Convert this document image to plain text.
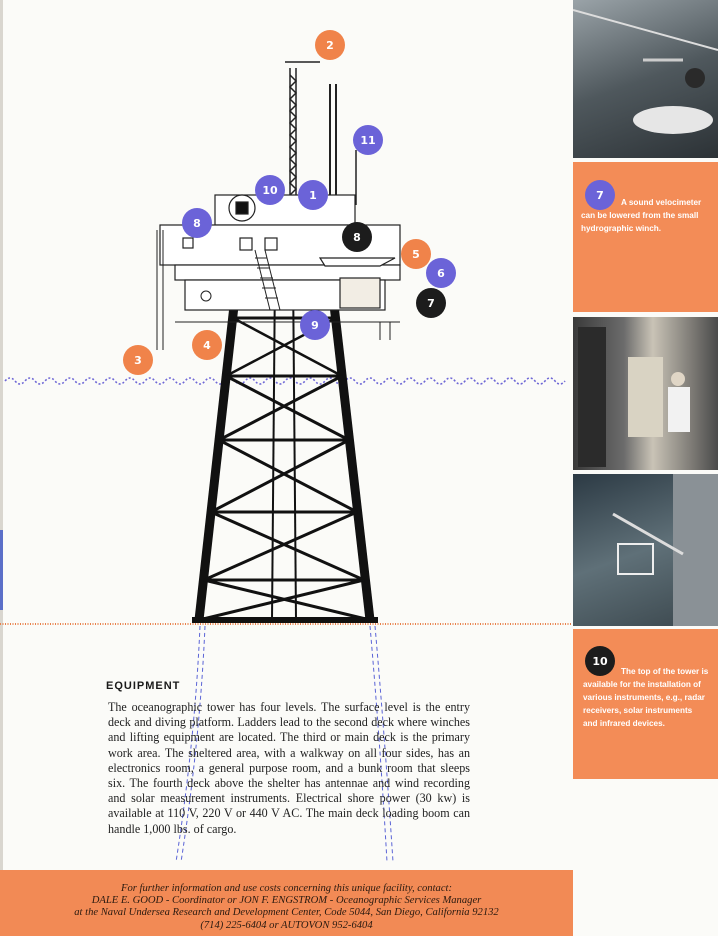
2
11
10	1
8
8
5
6
7
9
4
3
7

A sound velocimeter can be lowered from the small hydrographic winch.

10

The top of the tower is available for the installation of various instruments, e.g., radar receivers, solar instruments and infrared devices.

EQUIPMENT

The oceanographic tower has four levels. The surface level is the entry deck and diving platform. Ladders lead to the second deck where winches and lifting equipment are located. The third or main deck is the primary work area. The sheltered area, with a walkway on all four sides, has an electronics room, a general purpose room, and a bunk room that sleeps six. The fourth deck above the shelter has antennae and wind recording and solar measurement instruments. Electrical shore power (30 kw) is available at 110 V, 220 V or 440 V AC. The main deck loading boom can handle 1,000 lbs. of cargo.

For further information and use costs concerning this unique facility, contact:
DALE E. GOOD - Coordinator or JON F. ENGSTROM - Oceanographic Services Manager
at the Naval Undersea Research and Development Center, Code 5044, San Diego, California 92132
(714) 225-6404 or AUTOVON 952-6404
